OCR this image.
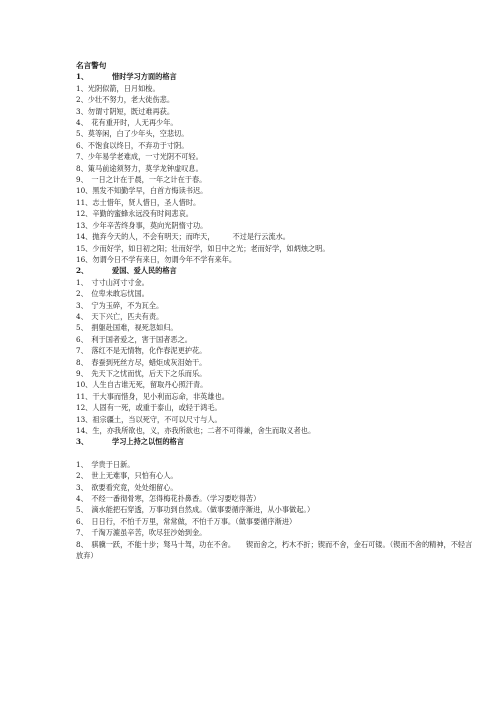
名言警句
1、	惜时学习方面的格言
1、光阴似箭，日月如梭。
2、少壮不努力，老大徒伤悲。
3、勿谓寸阴短，既过难再获。
4、　花有重开时，人无再少年。
5、莫等闲，白了少年头，空悲切。
6、不饱食以终日，不弃功于寸阴。
7、少年易学老难成，一寸光阴不可轻。
8、策马前途须努力，莫学龙钟虚叹息。
9、　一日之计在于晨，一年之计在于春。
10、黑发不知勤学早，白首方悔读书迟。
11、志士惜年，贤人惜日，圣人惜时。
12、辛勤的蜜蜂永远没有时间悲哀。
13、少年辛苦终身事，莫向光阴惰寸功。
14、抛弃今天的人，不会有明天；而昨天，　　　不过是行云流水。
15、少而好学，如日初之阳；壮而好学，如日中之光；老而好学，如炳烛之明。
16、勿谓今日不学有来日，勿谓今年不学有来年。
2、	爱国、爱人民的格言
1、　寸寸山河寸寸金。
2、　位卑未敢忘忧国。
3、　宁为玉碎，不为瓦全。
4、　天下兴亡，匹夫有责。
5、　捐躯赴国难，视死忽如归。
6、　利于国者爱之，害于国者恶之。
7、　落红不是无情物，化作春泥更护花。
8、　春蚕到死丝方尽，蜡炬成灰泪始干。
9、　先天下之忧而忧，后天下之乐而乐。
10、人生自古谁无死，留取丹心照汗青。
11、干大事而惜身，见小利而忘命，非英雄也。
12、人固有一死，或重于泰山，或轻于鸿毛。
13、祖宗疆土，当以死守，不可以尺寸与人。
14、生，亦我所欲也，义，亦我所欲也；二者不可得兼，舍生而取义者也。
3、	学习上持之以恒的格言
1、　学贵于日新。
2、　世上无难事，只怕有心人。
3、　欲要看究竟，处处细留心。
4、　不经一番彻骨寒，怎得梅花扑鼻香。（学习要吃得苦）
5、　滴水能把石穿透，万事功到自然成。（做事要循序渐进，从小事做起。）
6、　日日行，不怕千万里，常常做，不怕千万事。（做事要循序渐进）
7、　千淘万漉虽辛苦，吹尽狂沙始到金。
8、　骐骥一跃，不能十步；驽马十驾，功在不舍。　　锲而舍之，朽木不折；锲而不舍，金石可镂。（锲而不舍的精神，不轻言放弃）
